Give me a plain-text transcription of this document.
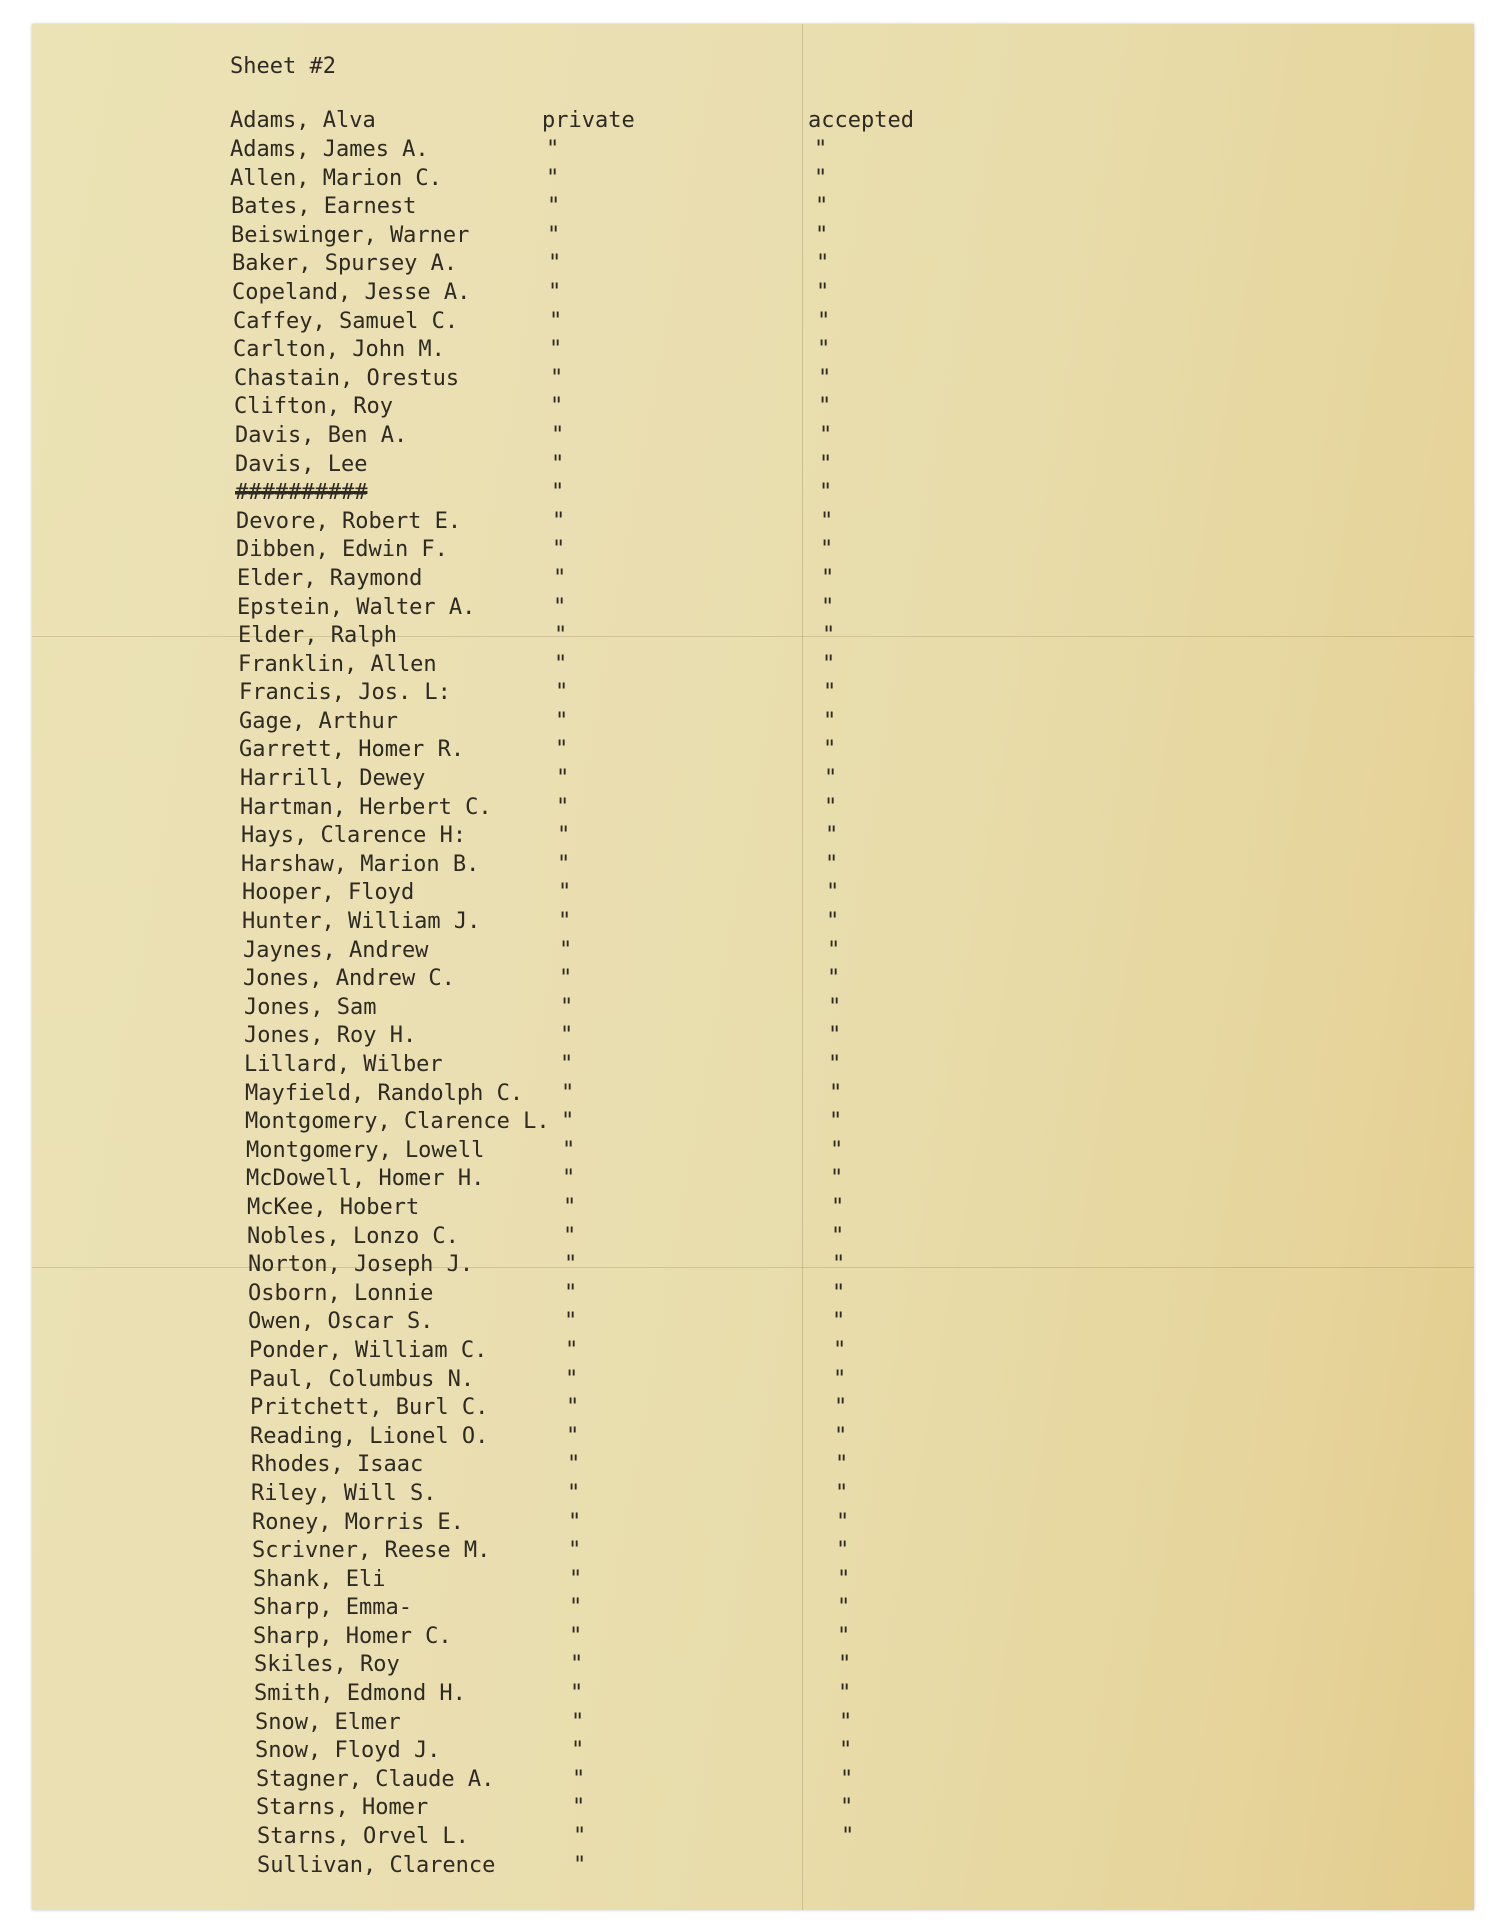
Sheet #2
Adams, Alva	private	accepted
Adams, James A.	"	"
Allen, Marion C.	"	"
Bates, Earnest	"	"
Beiswinger, Warner	"	"
Baker, Spursey A.	"	"
Copeland, Jesse A.	"	"
Caffey, Samuel C.	"	"
Carlton, John M.	"	"
Chastain, Orestus	"	"
Clifton, Roy	"	"
Davis, Ben A.	"	"
Davis, Lee	"	"
##########	"	"
Devore, Robert E.	"	"
Dibben, Edwin F.	"	"
Elder, Raymond	"	"
Epstein, Walter A.	"	"
Elder, Ralph	"	"
Franklin, Allen	"	"
Francis, Jos. L:	"	"
Gage, Arthur	"	"
Garrett, Homer R.	"	"
Harrill, Dewey	"	"
Hartman, Herbert C.	"	"
Hays, Clarence H:	"	"
Harshaw, Marion B.	"	"
Hooper, Floyd	"	"
Hunter, William J.	"	"
Jaynes, Andrew	"	"
Jones, Andrew C.	"	"
Jones, Sam	"	"
Jones, Roy H.	"	"
Lillard, Wilber	"	"
Mayfield, Randolph C. "	"
Montgomery, Clarence L. "	"
Montgomery, Lowell	"	"
McDowell, Homer H.	"	"
McKee, Hobert	"	"
Nobles, Lonzo C.	"	"
Norton, Joseph J.	"	"
Osborn, Lonnie	"	"
Owen, Oscar S.	"	"
Ponder, William C.	"	"
Paul, Columbus N.	"	"
Pritchett, Burl C.	"	"
Reading, Lionel O.	"	"
Rhodes, Isaac	"	"
Riley, Will S.	"	"
Roney, Morris E.	"	"
Scrivner, Reese M.	"	"
Shank, Eli	"	"
Sharp, Emma-	"	"
Sharp, Homer C.	"	"
Skiles, Roy	"	"
Smith, Edmond H.	"	"
Snow, Elmer	"	"
Snow, Floyd J.	"	"
Stagner, Claude A.	"	"
Starns, Homer	"	"
Starns, Orvel L.	"	"
Sullivan, Clarence	"
